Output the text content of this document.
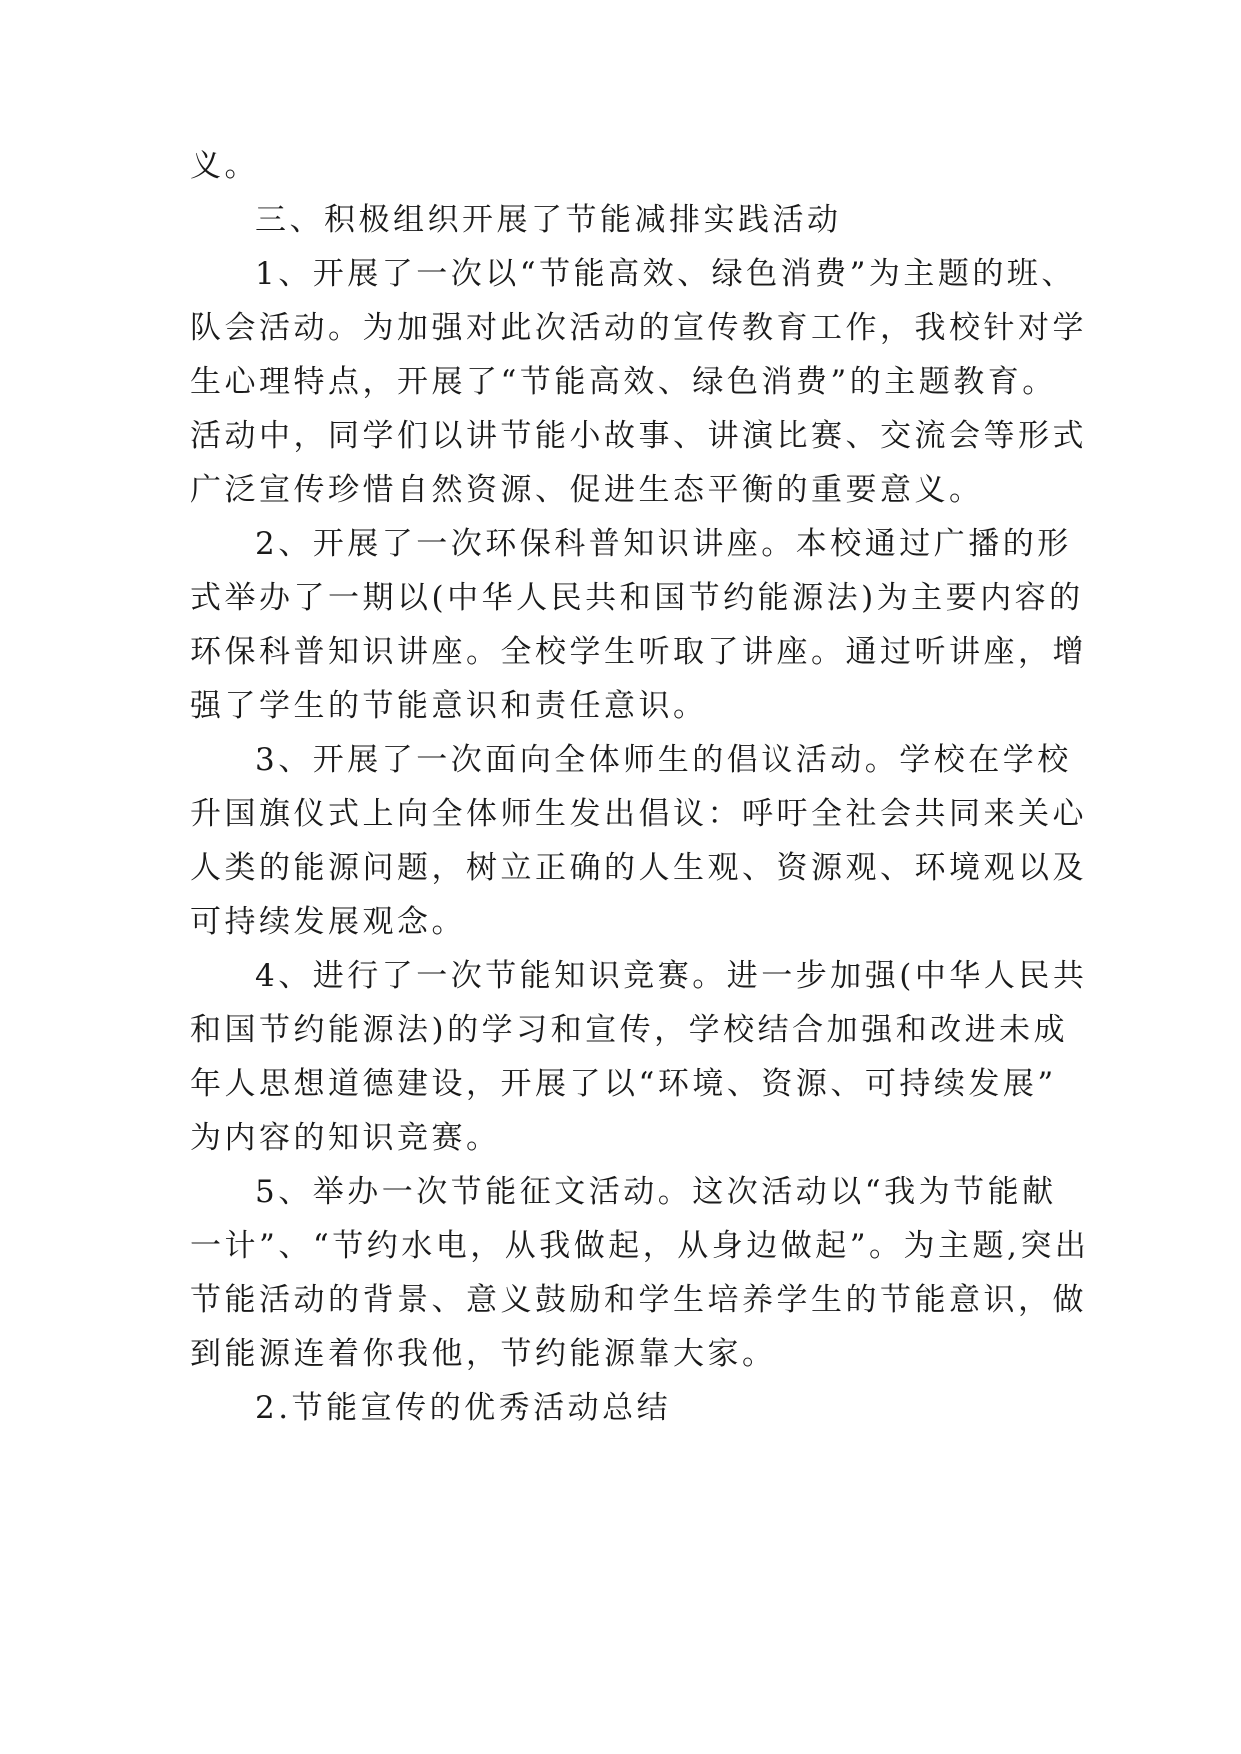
义。
三、积极组织开展了节能减排实践活动
1、开展了一次以“节能高效、绿色消费”为主题的班、
队会活动。为加强对此次活动的宣传教育工作，我校针对学
生心理特点，开展了“节能高效、绿色消费”的主题教育。
活动中，同学们以讲节能小故事、讲演比赛、交流会等形式
广泛宣传珍惜自然资源、促进生态平衡的重要意义。
2、开展了一次环保科普知识讲座。本校通过广播的形
式举办了一期以(中华人民共和国节约能源法)为主要内容的
环保科普知识讲座。全校学生听取了讲座。通过听讲座，增
强了学生的节能意识和责任意识。
3、开展了一次面向全体师生的倡议活动。学校在学校
升国旗仪式上向全体师生发出倡议：呼吁全社会共同来关心
人类的能源问题，树立正确的人生观、资源观、环境观以及
可持续发展观念。
4、进行了一次节能知识竞赛。进一步加强(中华人民共
和国节约能源法)的学习和宣传，学校结合加强和改进未成
年人思想道德建设，开展了以“环境、资源、可持续发展”
为内容的知识竞赛。
5、举办一次节能征文活动。这次活动以“我为节能献
一计”、“节约水电，从我做起，从身边做起”。为主题,突出
节能活动的背景、意义鼓励和学生培养学生的节能意识，做
到能源连着你我他，节约能源靠大家。
2.节能宣传的优秀活动总结
